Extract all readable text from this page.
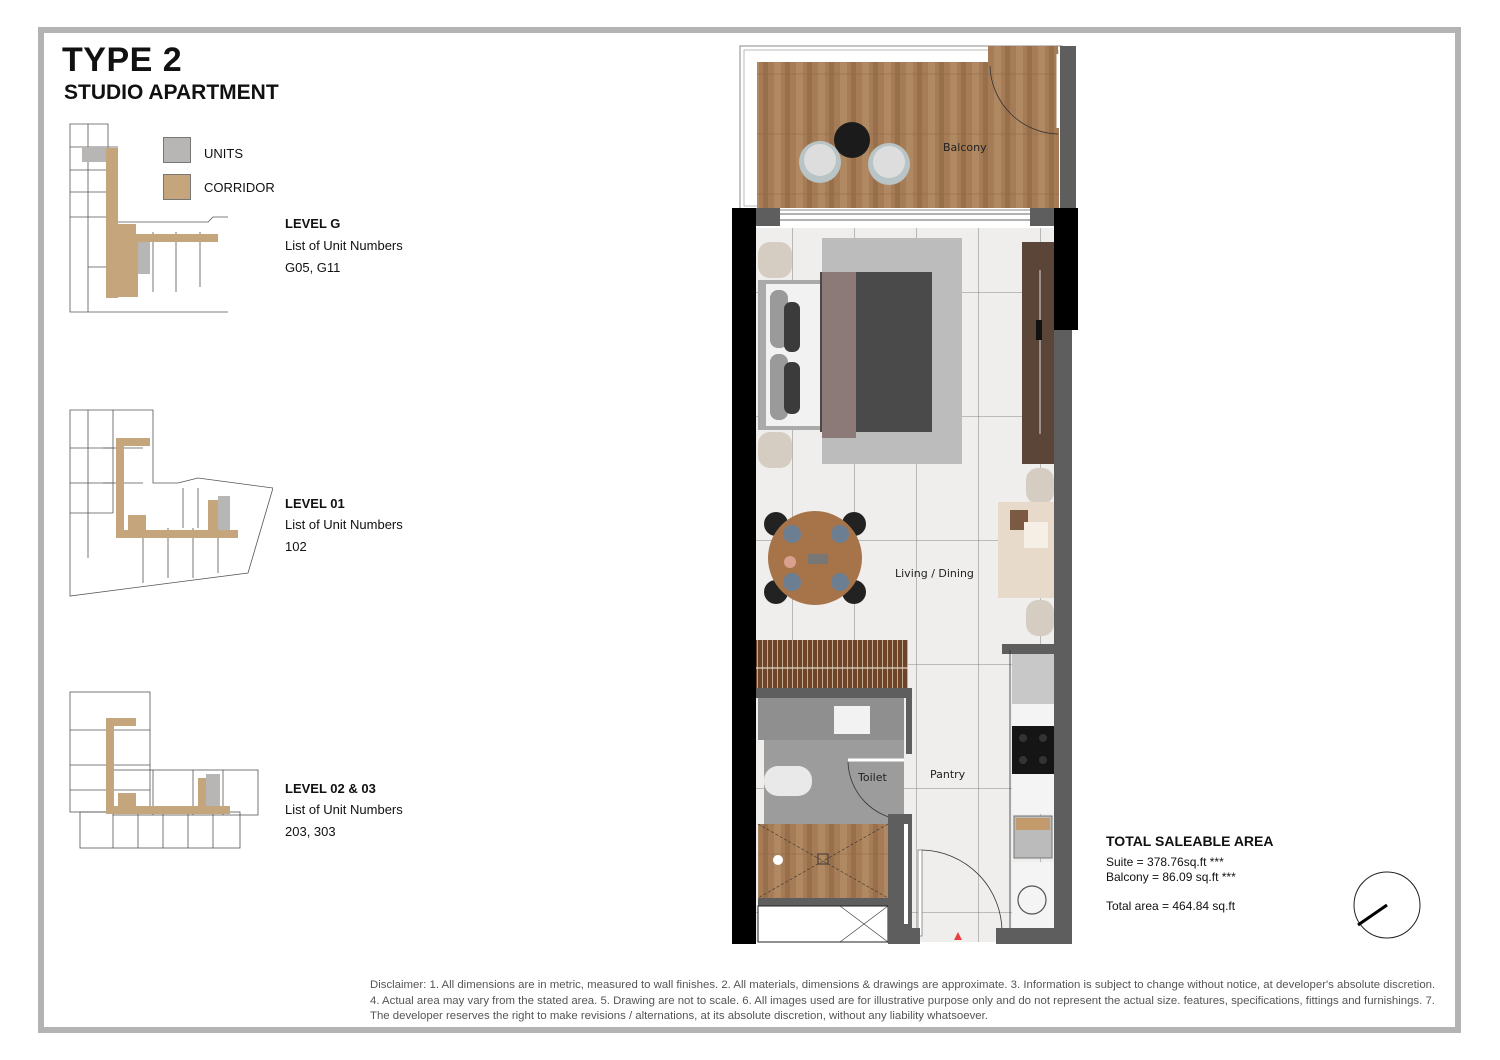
TYPE 2
STUDIO APARTMENT
UNITS
CORRIDOR
LEVEL G
List of Unit Numbers
G05, G11
LEVEL 01
List of Unit Numbers
102
LEVEL 02 & 03
List of Unit Numbers
203, 303
Balcony
Living / Dining
Toilet	Pantry
TOTAL SALEABLE AREA
Suite = 378.76sq.ft ***
Balcony = 86.09 sq.ft ***
Total area = 464.84 sq.ft
Disclaimer: 1. All dimensions are in metric, measured to wall finishes. 2. All materials, dimensions & drawings are approximate. 3. Information is subject to change without notice, at developer's absolute discretion. 4. Actual area may vary from the stated area. 5. Drawing are not to scale. 6. All images used are for illustrative purpose only and do not represent the actual size. features, specifications, fittings and furnishings. 7. The developer reserves the right to make revisions / alternations, at its absolute discretion, without any liability whatsoever.
